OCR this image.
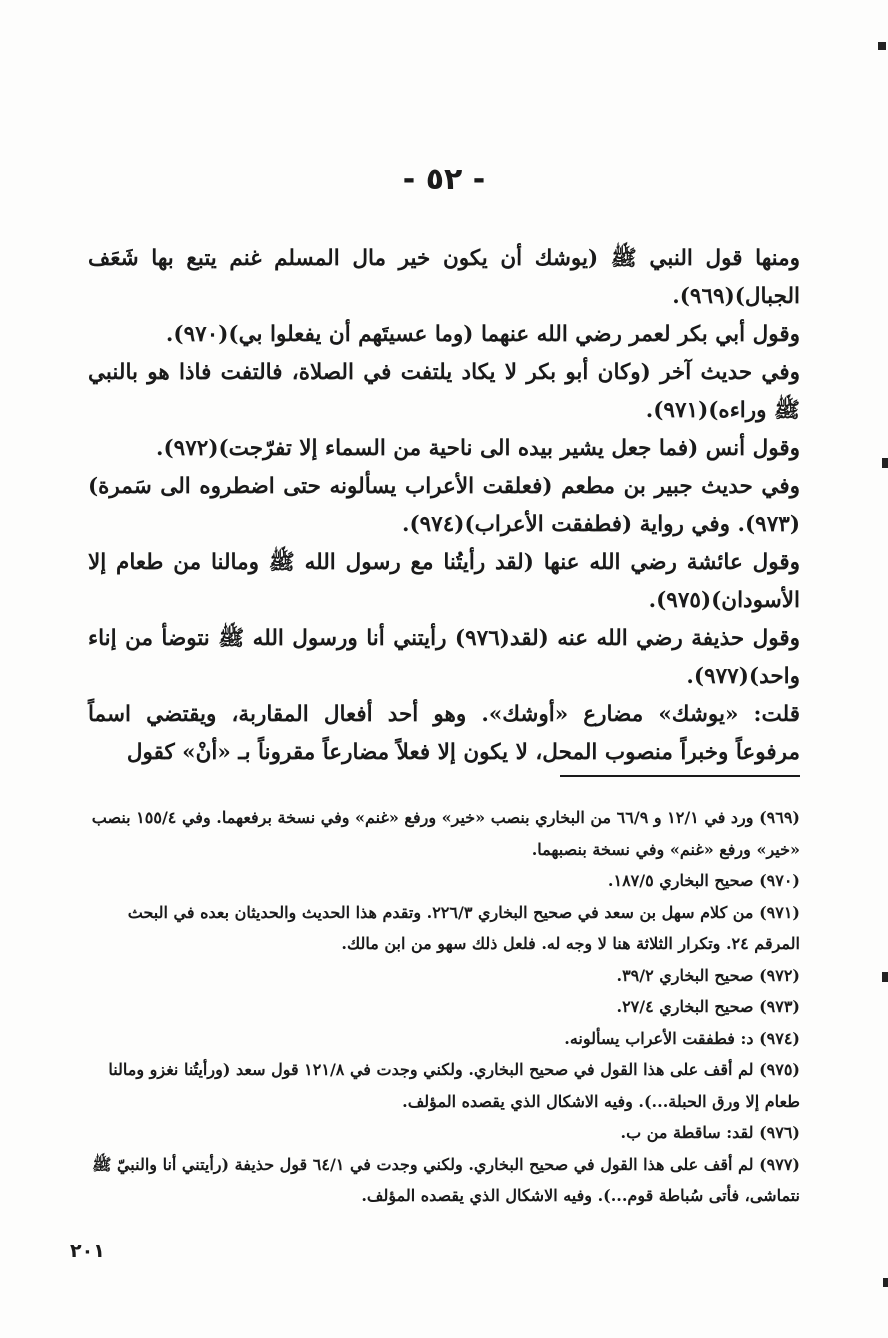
- ٥٢ -

ومنها قول النبي ﷺ (يوشك أن يكون خير مال المسلم غنم يتبع بها شَعَف الجبال)(٩٦٩).

وقول أبي بكر لعمر رضي الله عنهما (وما عسيتَهم أن يفعلوا بي)(٩٧٠).

وفي حديث آخر (وكان أبو بكر لا يكاد يلتفت في الصلاة، فالتفت فاذا هو بالنبي ﷺ وراءه)(٩٧١).

وقول أنس (فما جعل يشير بيده الى ناحية من السماء إلا تفرّجت)(٩٧٢).

وفي حديث جبير بن مطعم (فعلقت الأعراب يسألونه حتى اضطروه الى سَمرة)(٩٧٣). وفي رواية (فطفقت الأعراب)(٩٧٤).

وقول عائشة رضي الله عنها (لقد رأيتُنا مع رسول الله ﷺ ومالنا من طعام إلا الأسودان)(٩٧٥).

وقول حذيفة رضي الله عنه (لقد(٩٧٦) رأيتني أنا ورسول الله ﷺ نتوضأ من إناء واحد)(٩٧٧).

قلت: «يوشك» مضارع «أوشك». وهو أحد أفعال المقاربة، ويقتضي اسماً مرفوعاً وخبراً منصوب المحل، لا يكون إلا فعلاً مضارعاً مقروناً بـ «أنْ» كقول

(٩٦٩) ورد في ١٢/١ و ٦٦/٩ من البخاري بنصب «خير» ورفع «غنم» وفي نسخة برفعهما. وفي ١٥٥/٤ بنصب «خير» ورفع «غنم» وفي نسخة بنصبهما.

(٩٧٠) صحيح البخاري ١٨٧/٥.

(٩٧١) من كلام سهل بن سعد في صحيح البخاري ٢٢٦/٣. وتقدم هذا الحديث والحديثان بعده في البحث المرقم ٢٤. وتكرار الثلاثة هنا لا وجه له. فلعل ذلك سهو من ابن مالك.

(٩٧٢) صحيح البخاري ٣٩/٢.

(٩٧٣) صحيح البخاري ٢٧/٤.

(٩٧٤) د: فطفقت الأعراب يسألونه.

(٩٧٥) لم أقف على هذا القول في صحيح البخاري. ولكني وجدت في ١٢١/٨ قول سعد (ورأيتُنا نغزو ومالنا طعام إلا ورق الحبلة...). وفيه الاشكال الذي يقصده المؤلف.

(٩٧٦) لقد: ساقطة من ب.

(٩٧٧) لم أقف على هذا القول في صحيح البخاري. ولكني وجدت في ٦٤/١ قول حذيفة (رأيتني أنا والنبيّ ﷺ نتماشى، فأتى سُباطة قوم...). وفيه الاشكال الذي يقصده المؤلف.

٢٠١
